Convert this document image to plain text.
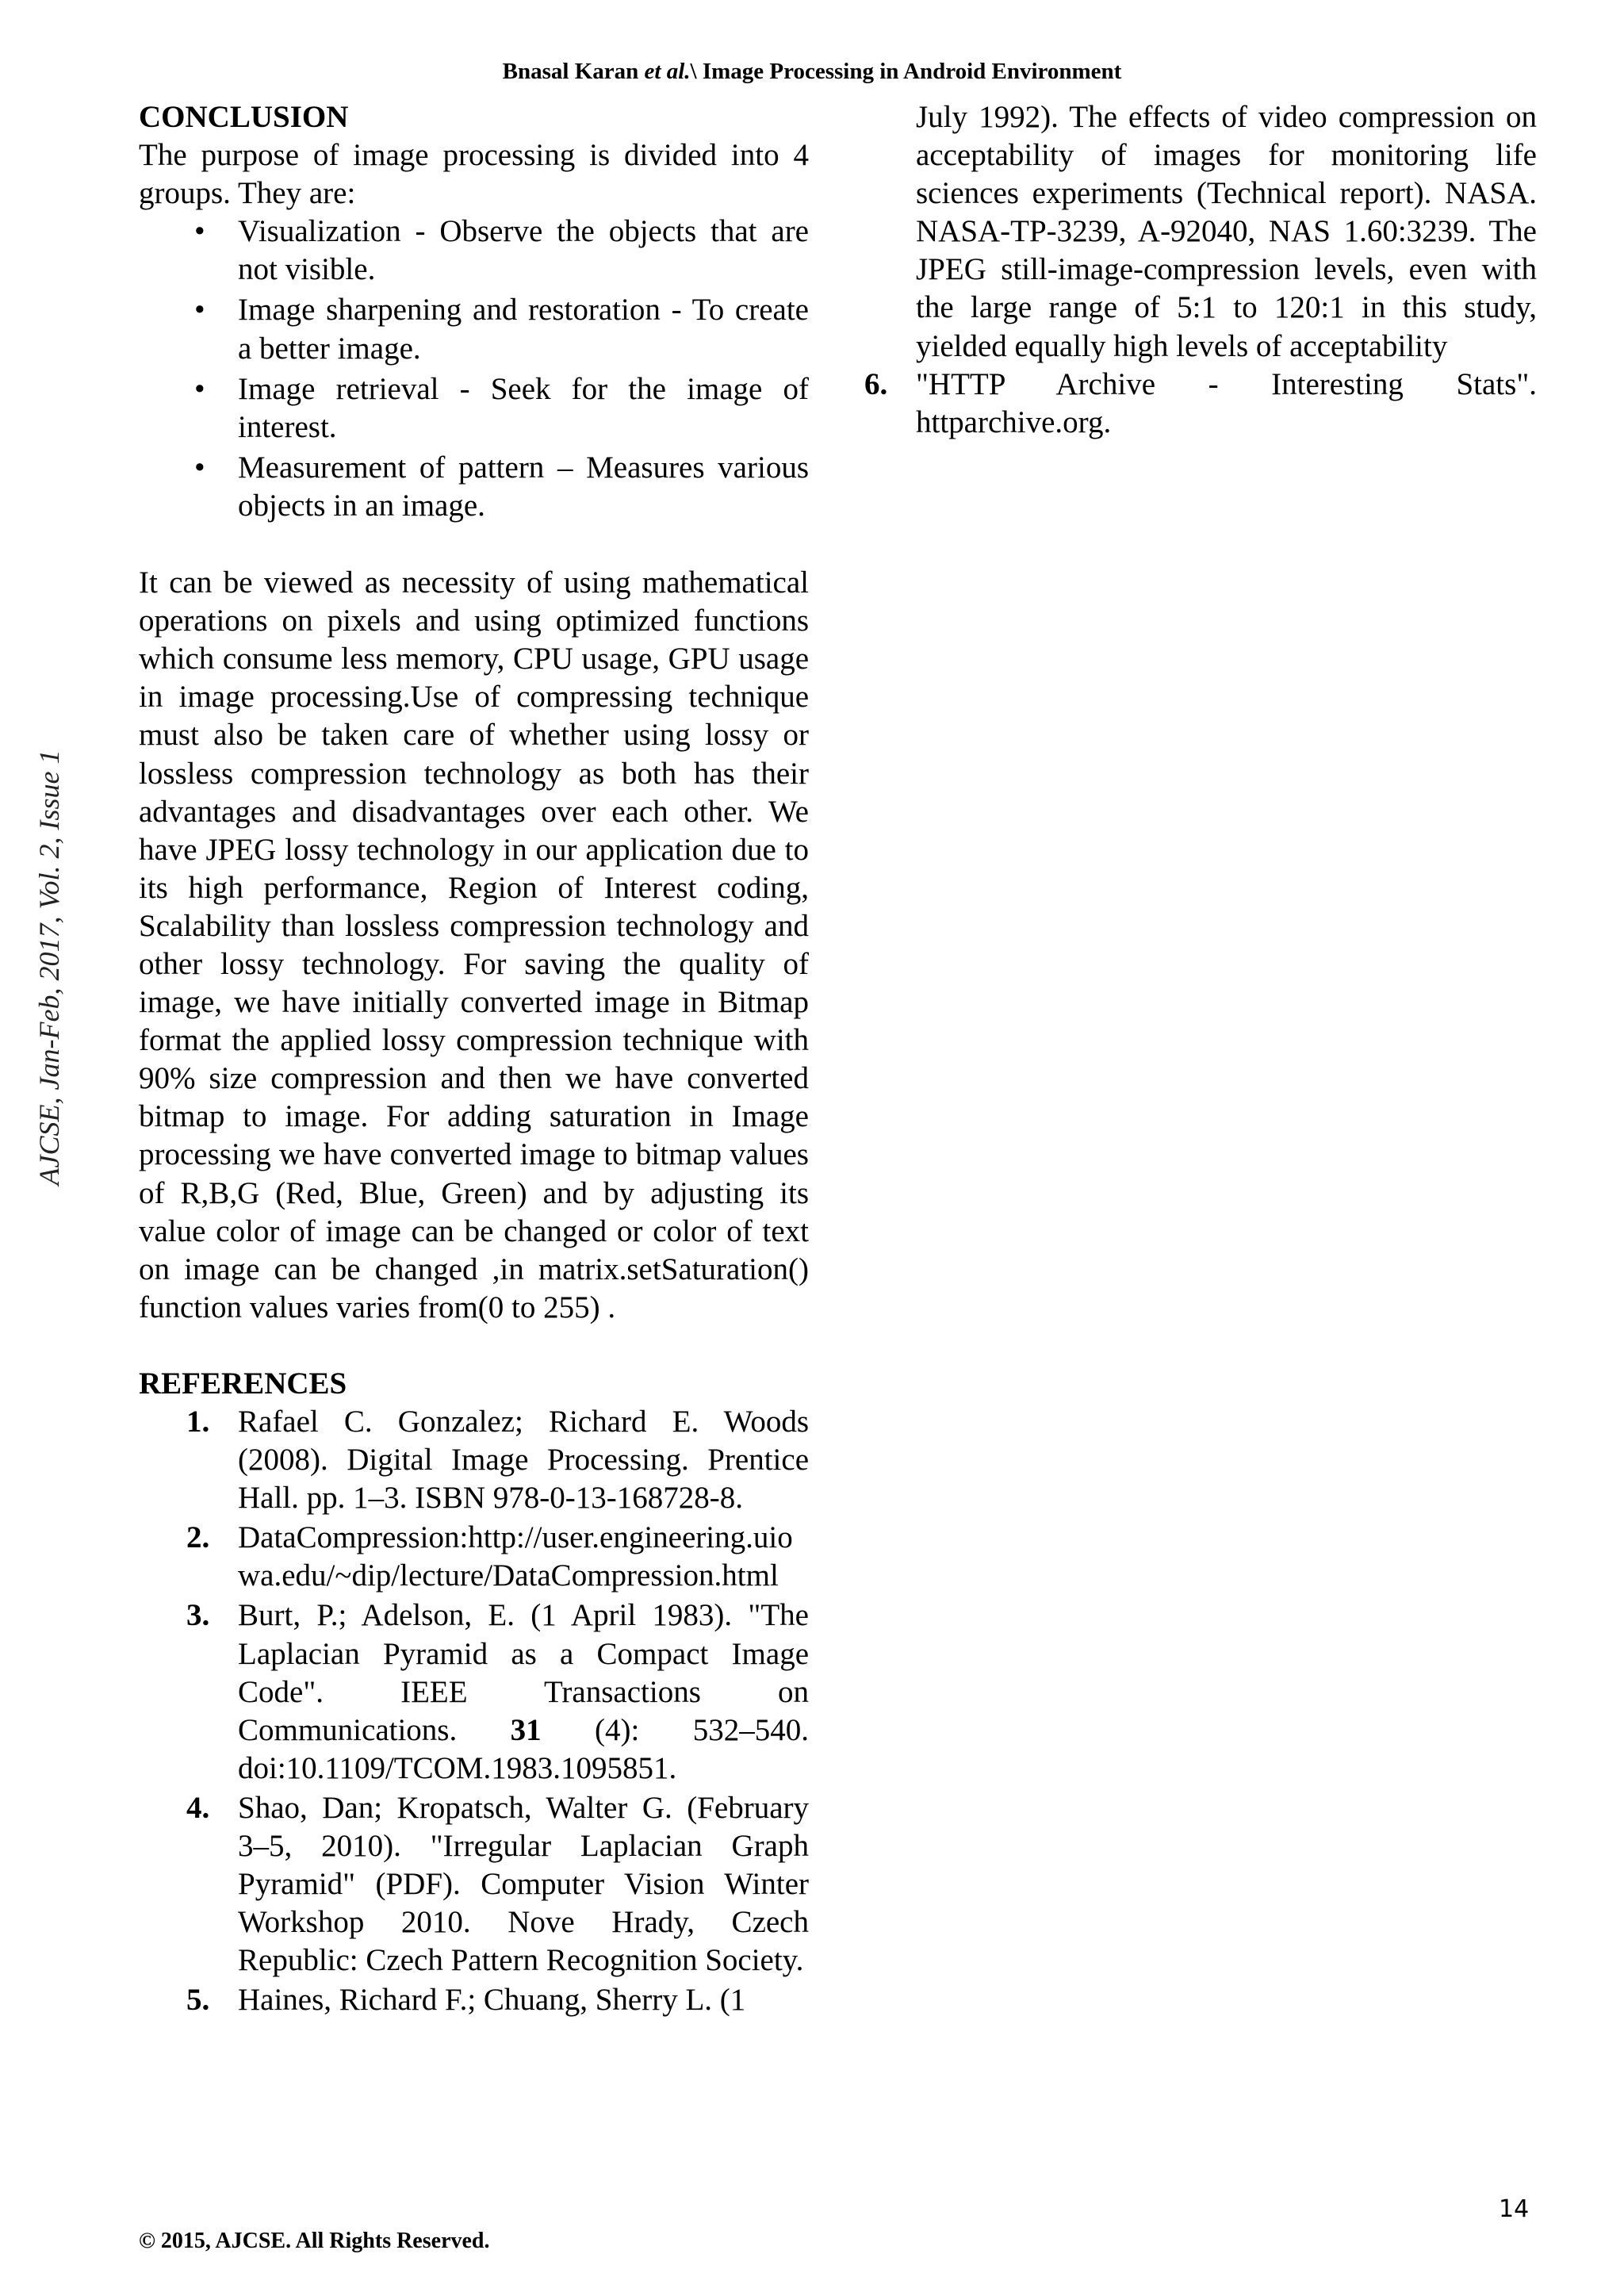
Bnasal Karan et al.\ Image Processing in Android Environment
AJCSE, Jan-Feb, 2017, Vol. 2, Issue 1
CONCLUSION

The purpose of image processing is divided into 4 groups. They are:

• Visualization - Observe the objects that are not visible.
• Image sharpening and restoration - To create a better image.
• Image retrieval - Seek for the image of interest.
• Measurement of pattern – Measures various objects in an image.

It can be viewed as necessity of using mathematical operations on pixels and using optimized functions which consume less memory, CPU usage, GPU usage in image processing.Use of compressing technique must also be taken care of whether using lossy or lossless compression technology as both has their advantages and disadvantages over each other. We have JPEG lossy technology in our application due to its high performance, Region of Interest coding, Scalability than lossless compression technology and other lossy technology. For saving the quality of image, we have initially converted image in Bitmap format the applied lossy compression technique with 90% size compression and then we have converted bitmap to image. For adding saturation in Image processing we have converted image to bitmap values of R,B,G (Red, Blue, Green) and by adjusting its value color of image can be changed or color of text on image can be changed ,in matrix.setSaturation() function values varies from(0 to 255) .

REFERENCES
1. Rafael C. Gonzalez; Richard E. Woods (2008). Digital Image Processing. Prentice Hall. pp. 1–3. ISBN 978-0-13-168728-8.
2. DataCompression:http://user.engineering.uiowa.edu/~dip/lecture/DataCompression.html
3. Burt, P.; Adelson, E. (1 April 1983). "The Laplacian Pyramid as a Compact Image Code". IEEE Transactions on Communications. 31 (4): 532–540. doi:10.1109/TCOM.1983.1095851.
4. Shao, Dan; Kropatsch, Walter G. (February 3–5, 2010). "Irregular Laplacian Graph Pyramid" (PDF). Computer Vision Winter Workshop 2010. Nove Hrady, Czech Republic: Czech Pattern Recognition Society.
5. Haines, Richard F.; Chuang, Sherry L. (1

July 1992). The effects of video compression on acceptability of images for monitoring life sciences experiments (Technical report). NASA. NASA-TP-3239, A-92040, NAS 1.60:3239. The JPEG still-image-compression levels, even with the large range of 5:1 to 120:1 in this study, yielded equally high levels of acceptability

6. "HTTP Archive - Interesting Stats". httparchive.org.
14
© 2015, AJCSE. All Rights Reserved.
